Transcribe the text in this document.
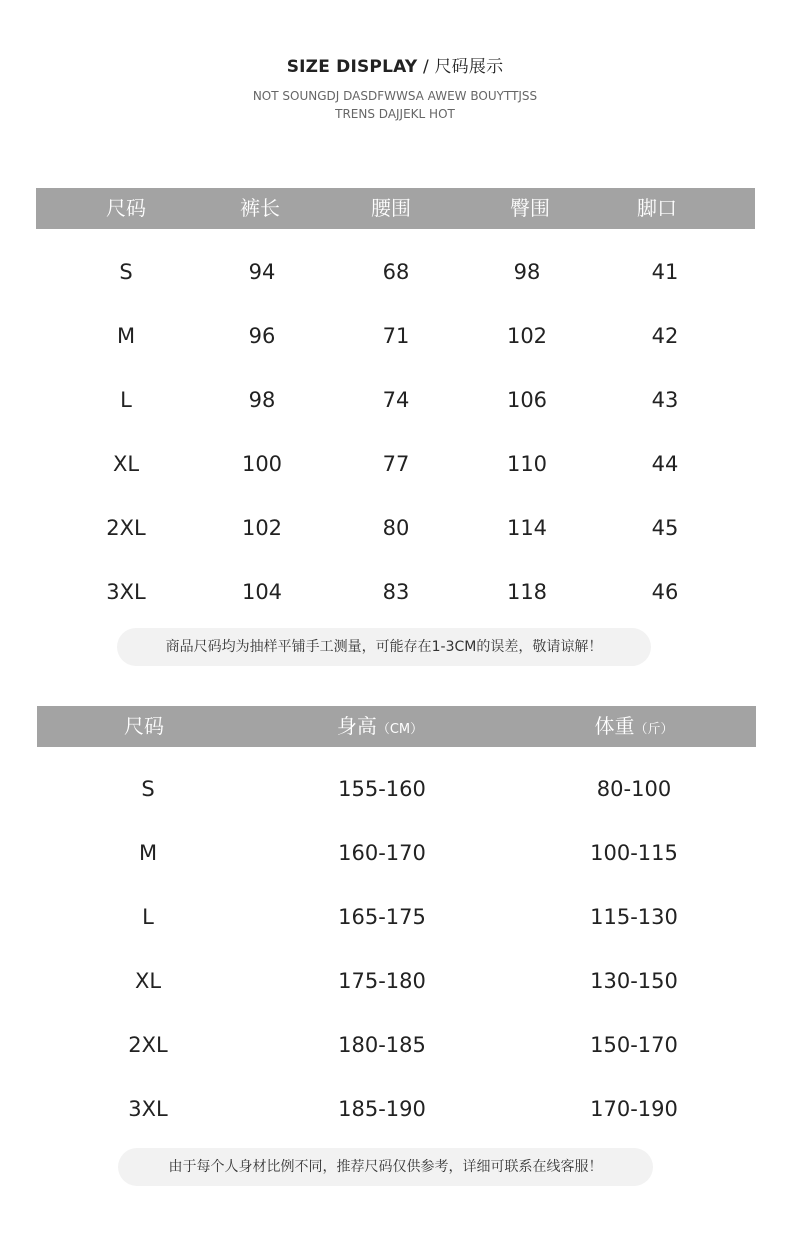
SIZE DISPLAY / 尺码展示
NOT SOUNGDJ DASDFWWSA AWEW BOUYTTJSS
TRENS DAJJEKL HOT
尺码	裤长	腰围	臀围	脚口
S	94	68	98	41
M	96	71	102	42
L	98	74	106	43
XL	100	77	110	44
2XL	102	80	114	45
3XL	104	83	118	46
商品尺码均为抽样平铺手工测量，可能存在1-3CM的误差，敬请谅解！
尺码	身高（CM）	体重（斤）
S	155-160	80-100
M	160-170	100-115
L	165-175	115-130
XL	175-180	130-150
2XL	180-185	150-170
3XL	185-190	170-190
由于每个人身材比例不同，推荐尺码仅供参考，详细可联系在线客服！
